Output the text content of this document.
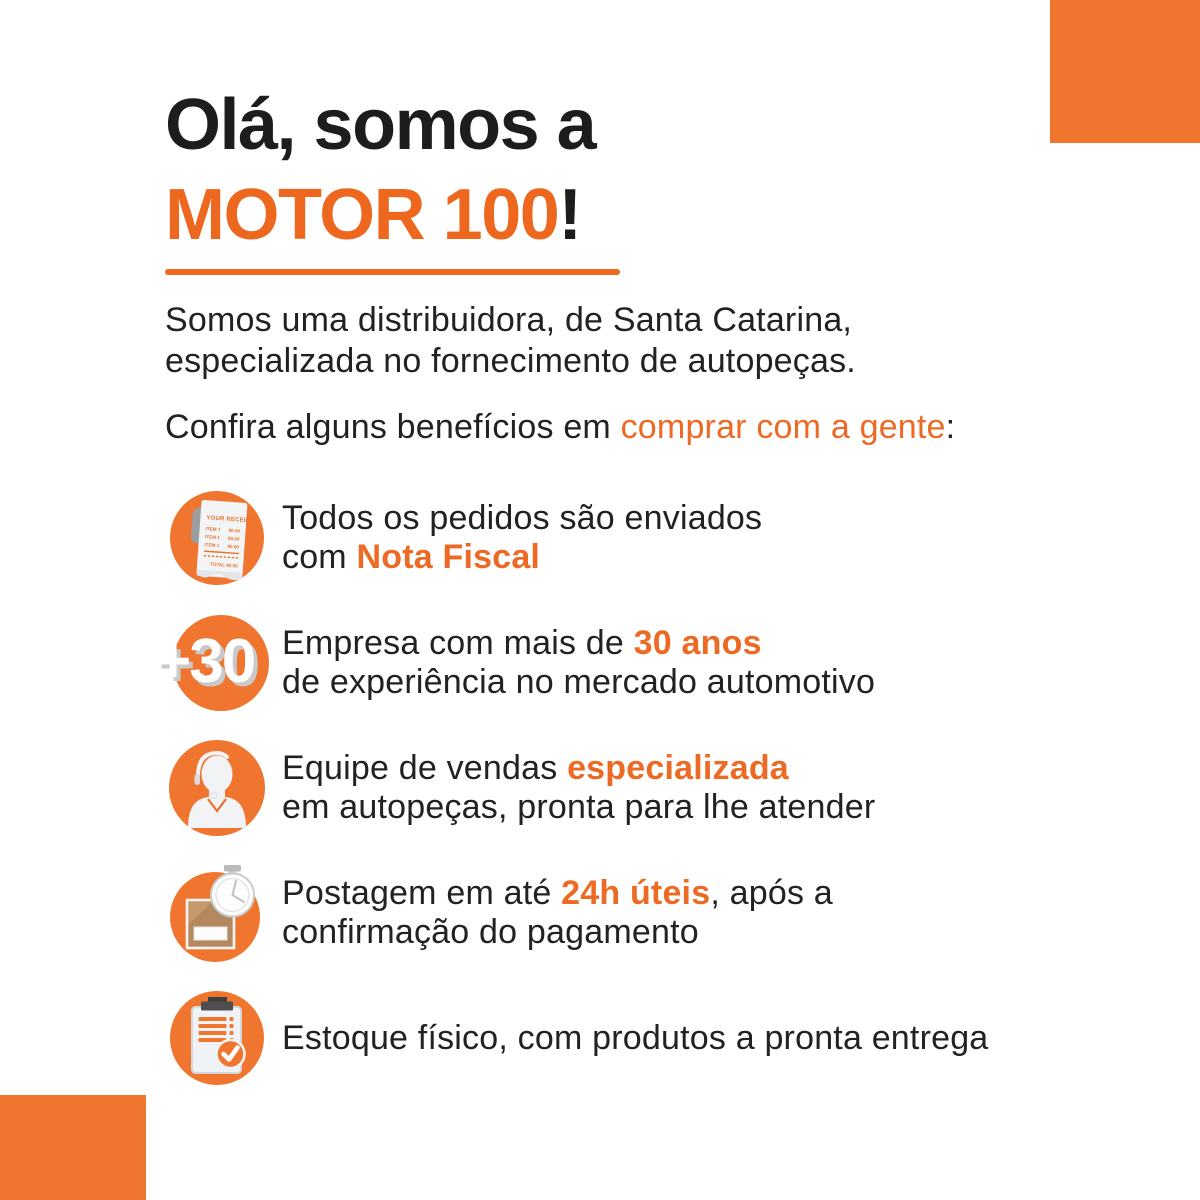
Olá, somos a
MOTOR 100!

Somos uma distribuidora, de Santa Catarina,
especializada no fornecimento de autopeças.

Confira alguns benefícios em comprar com a gente:

YOUR RECEIPT
ITEM 1 $0.00
ITEM 1 $0.00
ITEM 1 $0.00
TOTAL $0.00
Todos os pedidos são enviados
com Nota Fiscal
+30 Empresa com mais de 30 anos
de experiência no mercado automotivo
Equipe de vendas especializada
em autopeças, pronta para lhe atender
Postagem em até 24h úteis, após a
confirmação do pagamento
Estoque físico, com produtos a pronta entrega
